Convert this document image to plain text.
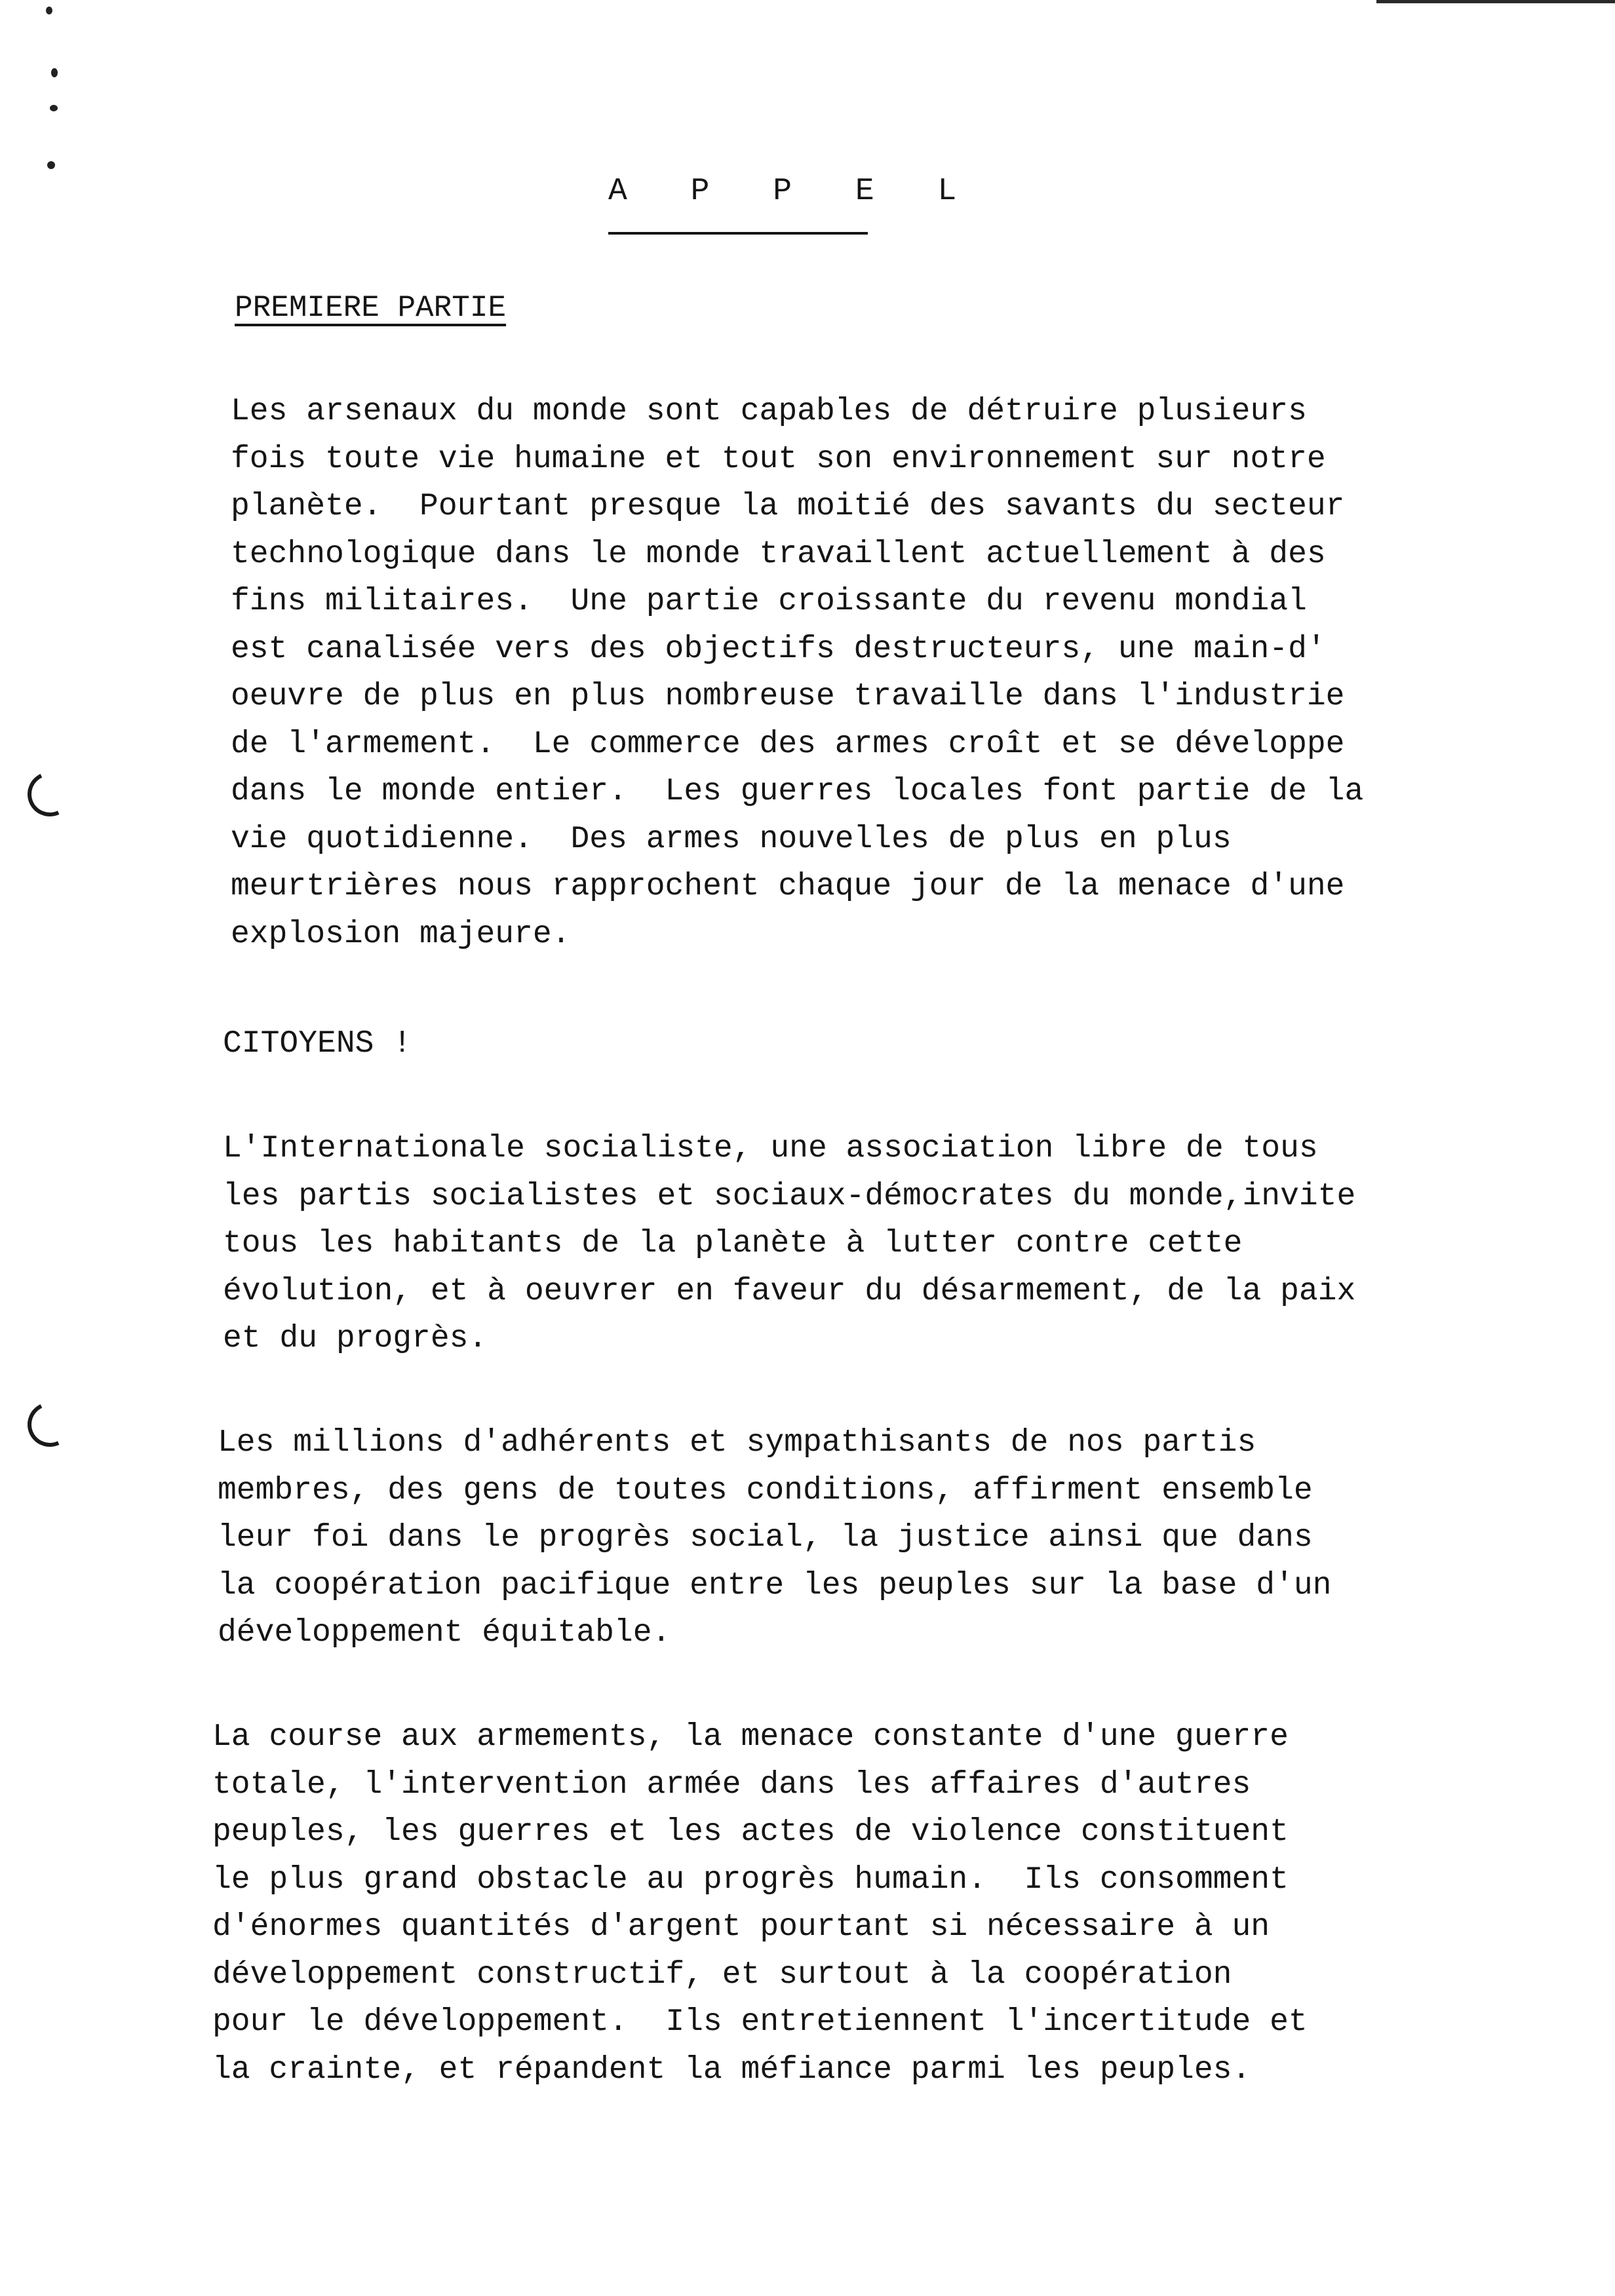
A P P E L
PREMIERE PARTIE
Les arsenaux du monde sont capables de détruire plusieurs
fois toute vie humaine et tout son environnement sur notre
planète.  Pourtant presque la moitié des savants du secteur
technologique dans le monde travaillent actuellement à des
fins militaires.  Une partie croissante du revenu mondial
est canalisée vers des objectifs destructeurs, une main-d'
oeuvre de plus en plus nombreuse travaille dans l'industrie
de l'armement.  Le commerce des armes croît et se développe
dans le monde entier.  Les guerres locales font partie de la
vie quotidienne.  Des armes nouvelles de plus en plus
meurtrières nous rapprochent chaque jour de la menace d'une
explosion majeure.
CITOYENS !
L'Internationale socialiste, une association libre de tous
les partis socialistes et sociaux-démocrates du monde,invite
tous les habitants de la planète à lutter contre cette
évolution, et à oeuvrer en faveur du désarmement, de la paix
et du progrès.
Les millions d'adhérents et sympathisants de nos partis
membres, des gens de toutes conditions, affirment ensemble
leur foi dans le progrès social, la justice ainsi que dans
la coopération pacifique entre les peuples sur la base d'un
développement équitable.
La course aux armements, la menace constante d'une guerre
totale, l'intervention armée dans les affaires d'autres
peuples, les guerres et les actes de violence constituent
le plus grand obstacle au progrès humain.  Ils consomment
d'énormes quantités d'argent pourtant si nécessaire à un
développement constructif, et surtout à la coopération
pour le développement.  Ils entretiennent l'incertitude et
la crainte, et répandent la méfiance parmi les peuples.
